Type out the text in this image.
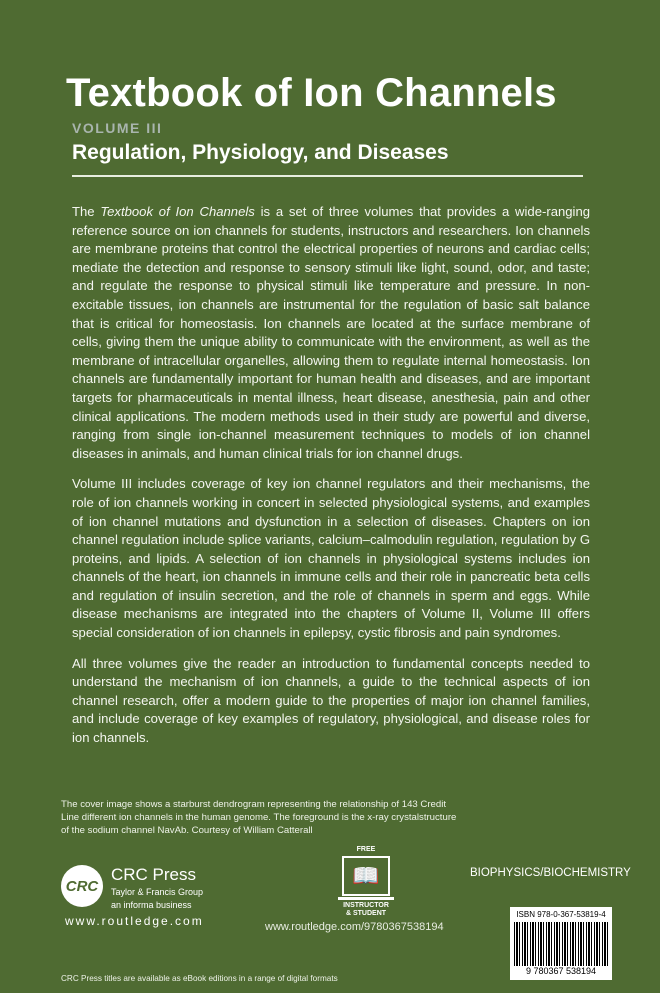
Textbook of Ion Channels
VOLUME III
Regulation, Physiology, and Diseases

The Textbook of Ion Channels is a set of three volumes that provides a wide-ranging reference source on ion channels for students, instructors and researchers. Ion channels are membrane proteins that control the electrical properties of neurons and cardiac cells; mediate the detection and response to sensory stimuli like light, sound, odor, and taste; and regulate the response to physical stimuli like temperature and pressure. In non-excitable tissues, ion channels are instrumental for the regulation of basic salt balance that is critical for homeostasis. Ion channels are located at the surface membrane of cells, giving them the unique ability to communicate with the environment, as well as the membrane of intracellular organelles, allowing them to regulate internal homeostasis. Ion channels are fundamentally important for human health and diseases, and are important targets for pharmaceuticals in mental illness, heart disease, anesthesia, pain and other clinical applications. The modern methods used in their study are powerful and diverse, ranging from single ion-channel measurement techniques to models of ion channel diseases in animals, and human clinical trials for ion channel drugs.

Volume III includes coverage of key ion channel regulators and their mechanisms, the role of ion channels working in concert in selected physiological systems, and examples of ion channel mutations and dysfunction in a selection of diseases. Chapters on ion channel regulation include splice variants, calcium–calmodulin regulation, regulation by G proteins, and lipids. A selection of ion channels in physiological systems includes ion channels of the heart, ion channels in immune cells and their role in pancreatic beta cells and regulation of insulin secretion, and the role of channels in sperm and eggs. While disease mechanisms are integrated into the chapters of Volume II, Volume III offers special consideration of ion channels in epilepsy, cystic fibrosis and pain syndromes.

All three volumes give the reader an introduction to fundamental concepts needed to understand the mechanism of ion channels, a guide to the technical aspects of ion channel research, offer a modern guide to the properties of major ion channel families, and include coverage of key examples of regulatory, physiological, and disease roles for ion channels.

The cover image shows a starburst dendrogram representing the relationship of 143 Credit Line different ion channels in the human genome. The foreground is the x-ray crystalstructure of the sodium channel NavAb. Courtesy of William Catterall
CRC
CRC Press
Taylor & Francis Group
an informa business
www.routledge.com
FREE
📖
INSTRUCTOR
& STUDENT
www.routledge.com/9780367538194
CRC Press titles are available as eBook editions in a range of digital formats
BIOPHYSICS/BIOCHEMISTRY
ISBN 978-0-367-53819-4
9 780367 538194
